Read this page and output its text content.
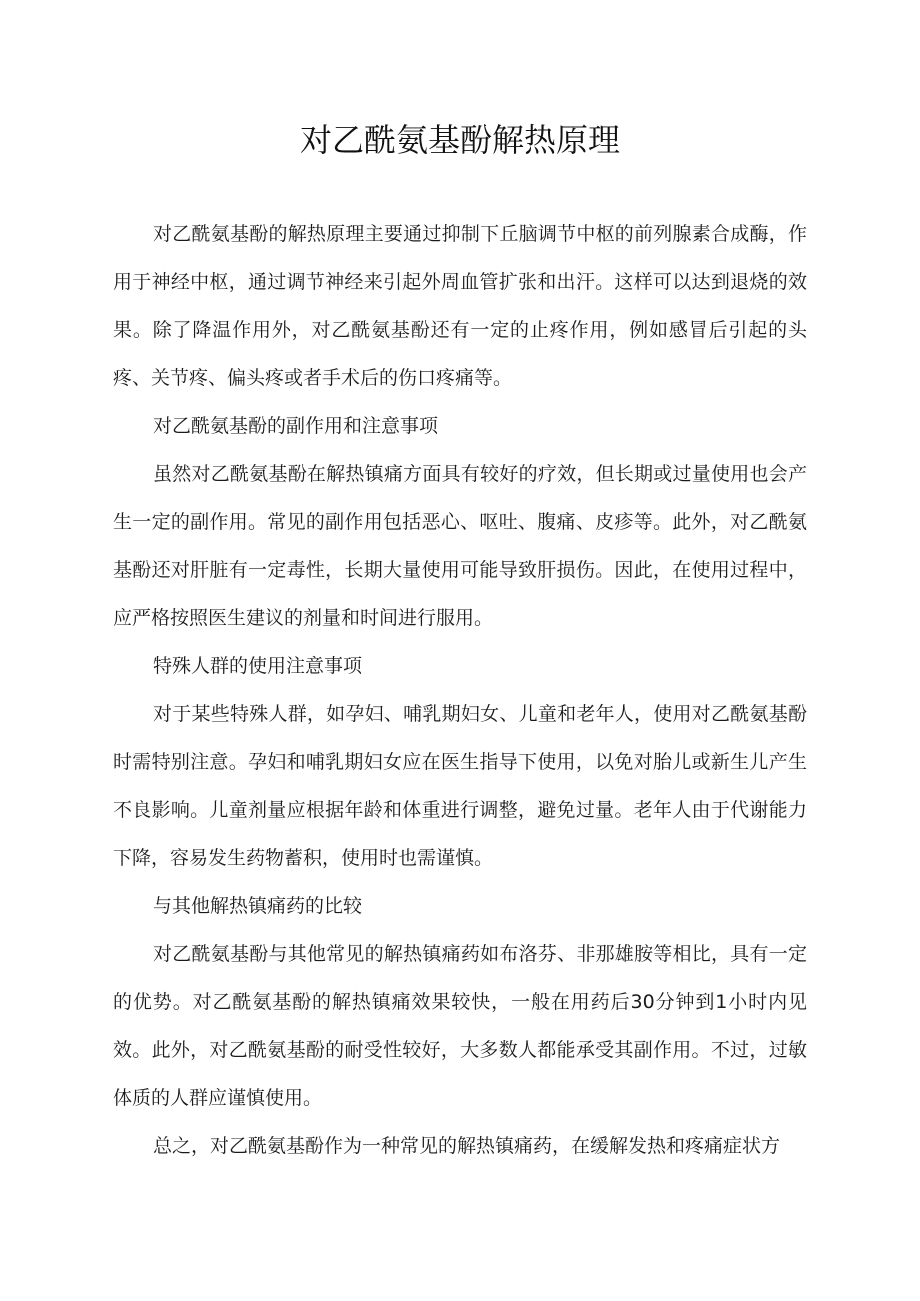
对乙酰氨基酚解热原理

对乙酰氨基酚的解热原理主要通过抑制下丘脑调节中枢的前列腺素合成酶，作用于神经中枢，通过调节神经来引起外周血管扩张和出汗。这样可以达到退烧的效果。除了降温作用外，对乙酰氨基酚还有一定的止疼作用，例如感冒后引起的头疼、关节疼、偏头疼或者手术后的伤口疼痛等。

对乙酰氨基酚的副作用和注意事项

虽然对乙酰氨基酚在解热镇痛方面具有较好的疗效，但长期或过量使用也会产生一定的副作用。常见的副作用包括恶心、呕吐、腹痛、皮疹等。此外，对乙酰氨基酚还对肝脏有一定毒性，长期大量使用可能导致肝损伤。因此，在使用过程中，应严格按照医生建议的剂量和时间进行服用。

特殊人群的使用注意事项

对于某些特殊人群，如孕妇、哺乳期妇女、儿童和老年人，使用对乙酰氨基酚时需特别注意。孕妇和哺乳期妇女应在医生指导下使用，以免对胎儿或新生儿产生不良影响。儿童剂量应根据年龄和体重进行调整，避免过量。老年人由于代谢能力下降，容易发生药物蓄积，使用时也需谨慎。

与其他解热镇痛药的比较

对乙酰氨基酚与其他常见的解热镇痛药如布洛芬、非那雄胺等相比，具有一定的优势。对乙酰氨基酚的解热镇痛效果较快，一般在用药后30分钟到1小时内见效。此外，对乙酰氨基酚的耐受性较好，大多数人都能承受其副作用。不过，过敏体质的人群应谨慎使用。

总之，对乙酰氨基酚作为一种常见的解热镇痛药，在缓解发热和疼痛症状方
